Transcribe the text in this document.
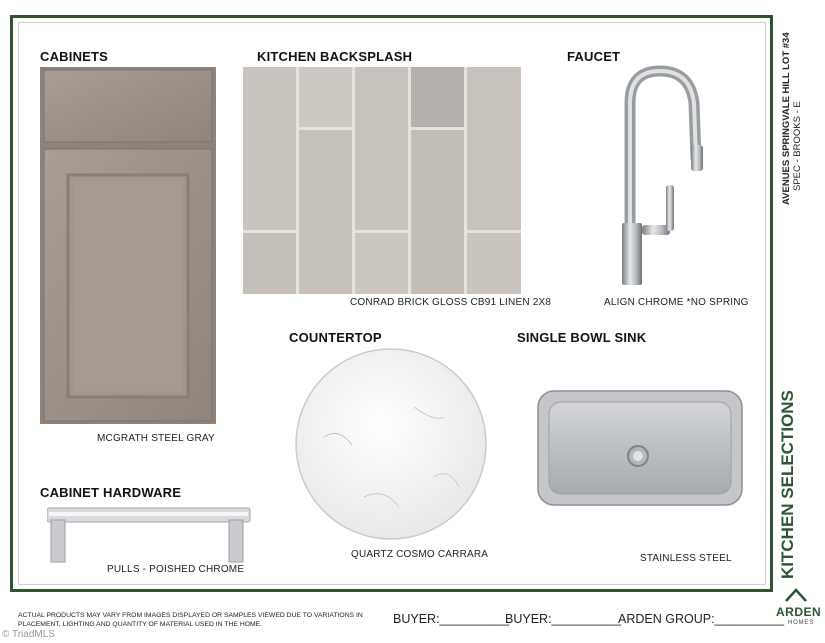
CABINETS
MCGRATH STEEL GRAY
KITCHEN BACKSPLASH
CONRAD BRICK GLOSS CB91 LINEN 2X8
FAUCET
ALIGN CHROME *NO SPRING
COUNTERTOP
QUARTZ COSMO CARRARA
SINGLE BOWL SINK
STAINLESS STEEL
CABINET HARDWARE
PULLS - POISHED CHROME
AVENUES SPRINGVALE HILL LOT #34 SPEC - BROOKS - E
KITCHEN SELECTIONS
ACTUAL PRODUCTS MAY VARY FROM IMAGES DISPLAYED OR SAMPLES VIEWED DUE TO VARIATIONS IN PLACEMENT, LIGHTING AND QUANTITY OF MATERIAL USED IN THE HOME.	BUYER:__________
BUYER:__________
ARDEN GROUP:__________
ARDEN
HOMES
© TriadMLS
